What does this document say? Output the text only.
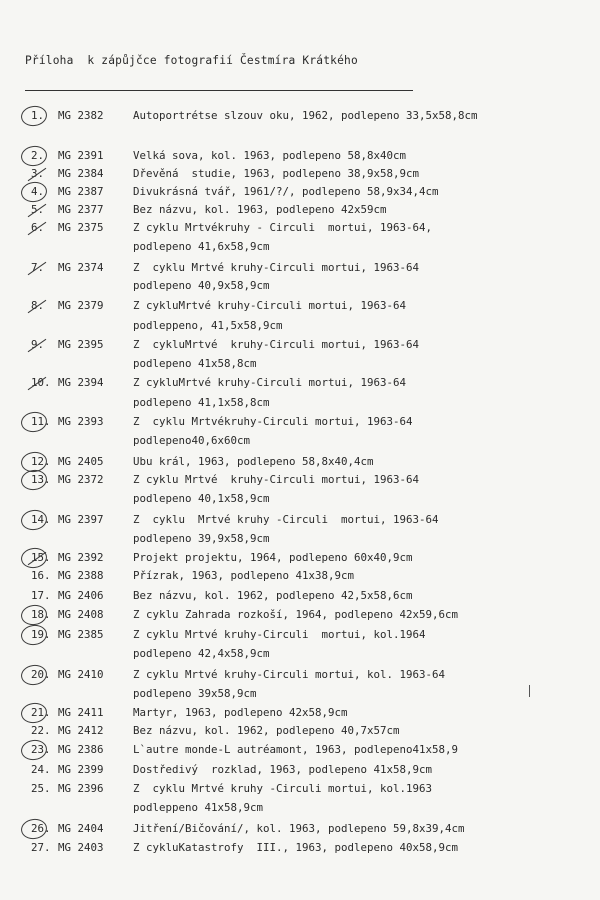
Příloha  k zápůjčce fotografií Čestmíra Krátkého
1.	MG 2382	Autoportrétse slzouv oku, 1962, podlepeno 33,5x58,8cm
2.	MG 2391	Velká sova, kol. 1963, podlepeno 58,8x40cm
3.	MG 2384	Dřevěná  studie, 1963, podlepeno 38,9x58,9cm
4.	MG 2387	Divukrásná tvář, 1961/?/, podlepeno 58,9x34,4cm
5.	MG 2377	Bez názvu, kol. 1963, podlepeno 42x59cm
6.	MG 2375	Z cyklu Mrtvékruhy - Circuli  mortui, 1963-64,
podlepeno 41,6x58,9cm
7.	MG 2374	Z  cyklu Mrtvé kruhy-Circuli mortui, 1963-64
podlepeno 40,9x58,9cm
8.	MG 2379	Z cykluMrtvé kruhy-Circuli mortui, 1963-64
podleppeno, 41,5x58,9cm
9.	MG 2395	Z  cykluMrtvé  kruhy-Circuli mortui, 1963-64
podlepeno 41x58,8cm
10. MG 2394	Z cykluMrtvé kruhy-Circuli mortui, 1963-64
podlepeno 41,1x58,8cm
11. MG 2393	Z  cyklu Mrtvékruhy-Circuli mortui, 1963-64
podlepeno40,6x60cm
12. MG 2405	Ubu král, 1963, podlepeno 58,8x40,4cm
13. MG 2372	Z cyklu Mrtvé  kruhy-Circuli mortui, 1963-64
podlepeno 40,1x58,9cm
14. MG 2397	Z  cyklu  Mrtvé kruhy -Circuli  mortui, 1963-64
podlepeno 39,9x58,9cm
15. MG 2392	Projekt projektu, 1964, podlepeno 60x40,9cm
16. MG 2388	Přízrak, 1963, podlepeno 41x38,9cm
17. MG 2406	Bez názvu, kol. 1962, podlepeno 42,5x58,6cm
18. MG 2408	Z cyklu Zahrada rozkoší, 1964, podlepeno 42x59,6cm
19. MG 2385	Z cyklu Mrtvé kruhy-Circuli  mortui, kol.1964
podlepeno 42,4x58,9cm
20. MG 2410	Z cyklu Mrtvé kruhy-Circuli mortui, kol. 1963-64
podlepeno 39x58,9cm
21. MG 2411	Martyr, 1963, podlepeno 42x58,9cm
22. MG 2412	Bez názvu, kol. 1962, podlepeno 40,7x57cm
23. MG 2386	L`autre monde-L autréamont, 1963, podlepeno41x58,9
24. MG 2399	Dostředivý  rozklad, 1963, podlepeno 41x58,9cm
25. MG 2396	Z  cyklu Mrtvé kruhy -Circuli mortui, kol.1963
podleppeno 41x58,9cm
26. MG 2404	Jitření/Bičování/, kol. 1963, podlepeno 59,8x39,4cm
27. MG 2403	Z cykluKatastrofy  III., 1963, podlepeno 40x58,9cm
